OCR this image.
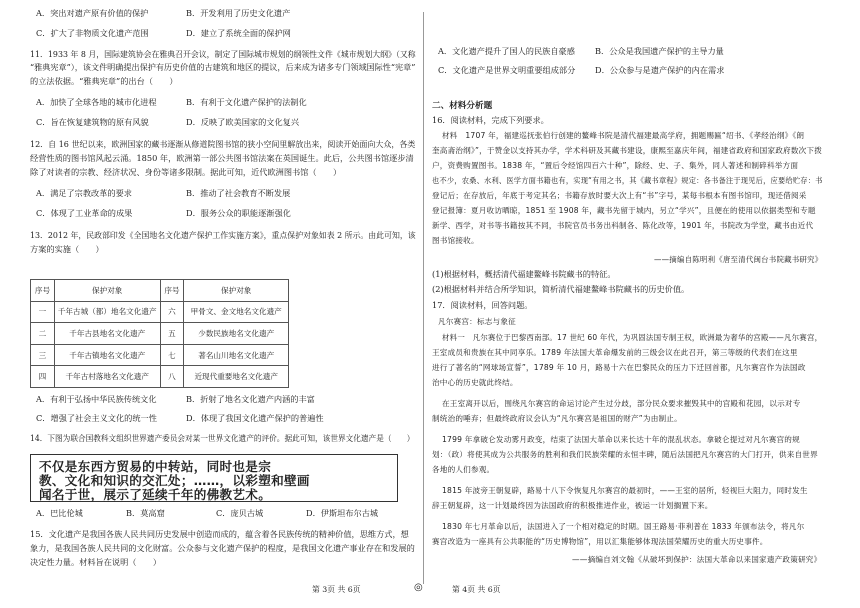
A．突出对遗产原有价值的保护	B．开发利用了历史文化遗产
C．扩大了非物质文化遗产范围	D．建立了系统全面的保护网
11．1933 年 8 月，国际建筑协会在雅典召开会议，制定了国际城市规划的纲领性文件《城市规划大纲》（又称
“雅典宪章”），该文件明确提出保护有历史价值的古建筑和地区的提议，后来成为诸多专门领域国际性“宪章”
的立法依据。“雅典宪章”的出台（　　）
A．加快了全球各地的城市化进程	B．有利于文化遗产保护的法制化
C．旨在恢复建筑物的原有风貌	D．反映了欧美国家的文化复兴
12．自 16 世纪以来，欧洲国家的藏书逐渐从修道院图书馆的狭小空间里解放出来，阅读开始面向大众，各类
经营性质的图书馆风起云涌。1850 年，欧洲第一部公共图书馆法案在英国诞生。此后，公共图书馆逐步清
除了对读者的宗教、经济状况、身份等诸多限制。据此可知，近代欧洲图书馆（　　）
A．满足了宗教改革的要求	B．推动了社会教育不断发展
C．体现了工业革命的成果	D．服务公众的职能逐渐强化
13．2012 年，民政部印发《全国地名文化遗产保护工作实施方案》，重点保护对象如表 2 所示。由此可知，该
方案的实施（　　）
序号	保护对象	序号	保护对象
一	千年古城（都）地名文化遗产	六	甲骨文、金文地名文化遗产
二	千年古县地名文化遗产	五	少数民族地名文化遗产
三	千年古镇地名文化遗产	七	著名山川地名文化遗产
四	千年古村落地名文化遗产	八	近现代重要地名文化遗产
A．有利于弘扬中华民族传统文化	B．折射了地名文化遗产内涵的丰富
C．增强了社会主义文化的统一性	D．体现了我国文化遗产保护的普遍性
14．下图为联合国教科文组织世界遗产委员会对某一世界文化遗产的评价。据此可知，该世界文化遗产是（　　）
不仅是东西方贸易的中转站，同时也是宗
教、文化和知识的交汇处；……，以彩塑和壁画
闻名于世，展示了延续千年的佛教艺术。
A．巴比伦城	B．莫高窟	C．庞贝古城	D．伊斯坦布尔古城
15．文化遗产是我国各族人民共同历史发展中创造而成的，蕴含着各民族传统的精神价值，思维方式，想
象力，是我国各族人民共同的文化财富。公众参与文化遗产保护的程度，是我国文化遗产事业存在和发展的
决定性力量。材料旨在说明（　　）
第 3页 共 6页	◎	第 4页 共 6页
A．文化遗产提升了国人的民族自豪感 B．公众是我国遗产保护的主导力量
C．文化遗产是世界文明重要组成部分 D．公众参与是遗产保护的内在需求
二、材料分析题
16．阅读材料，完成下列要求。
材料　1707 年，福建巡抚张伯行创建的鳌峰书院是清代福建最高学府，拥题赐匾“绍书、《孝经治纲》《朗
奎高斋治纲》”，于赞金以支持其办学，学术科研及其藏书建设，康熙至嘉庆年间，福建省政府和国家政府数次下拨
户，资费购置图书。1838 年，“置后令经馆四百六十种”，除经、史、子、集外，同人著述和制碎科举方面
也不少，农桑、水利、医学方面书籍也有，实现“有用之书，其《藏书章程》规定：各书备注于现见后，应要给贮存：书
登记后；在存放后，年底于考定其名；书籍存放时要大次上有“书”字号，某每书根本有图书馆印，现还借阅采
登记报簿：夏月收访晒晾，1851 至 1908 年，藏书先留于城内，另立“学兴”，且便在的使用以依据类型和专题
新学、西学，对书等书籍按其不同，书院官员书务出科制各、陈化改等，1901 年，书院改为学堂，藏书由近代
图书馆接收。
——摘编自陈明利《唐至清代闽台书院藏书研究》
(1)根据材料，概括清代福建鳌峰书院藏书的特征。
(2)根据材料并结合所学知识，简析清代福建鳌峰书院藏书的历史价值。
17．阅读材料，回答问题。
凡尔赛宫：标志与象征
材料一　凡尔赛位于巴黎西南部。17 世纪 60 年代，为巩固法国专制王权，欧洲最为奢华的宫殿——凡尔赛宫，
王室成员和贵族在其中同享乐。1789 年法国大革命爆发前的三级会议在此召开，第三等级的代表们在这里
进行了著名的“网球场宣誓”，1789 年 10 月，路易十六在巴黎民众的压力下迁回首都，凡尔赛宫作为法国政
治中心的历史就此终结。
在王室离开以后，围绕凡尔赛宫的命运讨论产生过分歧，部分民众要求摧毁其中的宫殿和花园，以示对专
制统治的唾弃；但最终政府议会认为“凡尔赛宫是祖国的财产”为由制止。
1799 年拿破仑发动雾月政变，结束了法国大革命以来长达十年的混乱状态。拿破仑提过对凡尔赛宫的规
划：（政）将使其成为公共服务的胜利和我们民族荣耀的永恒丰碑，随后法国把凡尔赛宫的大门打开，供来自世界
各地的人们参观。
1815 年波旁王朝复辟，路易十八下令恢复凡尔赛宫的最初时，——王室的居所，轻视巨大阻力，同时发生
辞王朝复辟，这一计划最终因为法国政府的积极推进作业，被运一计划搁置下来。
1830 年七月革命以后，法国进入了一个相对稳定的时期。国王路易·菲利普在 1833 年颁布法令，将凡尔
赛宫改造为一座具有公共职能的“历史博物馆”，用以汇集能够体现法国荣耀历史的重大历史事件。
——摘编自刘文翰《从破坏到保护：法国大革命以来国家遗产政策研究》
